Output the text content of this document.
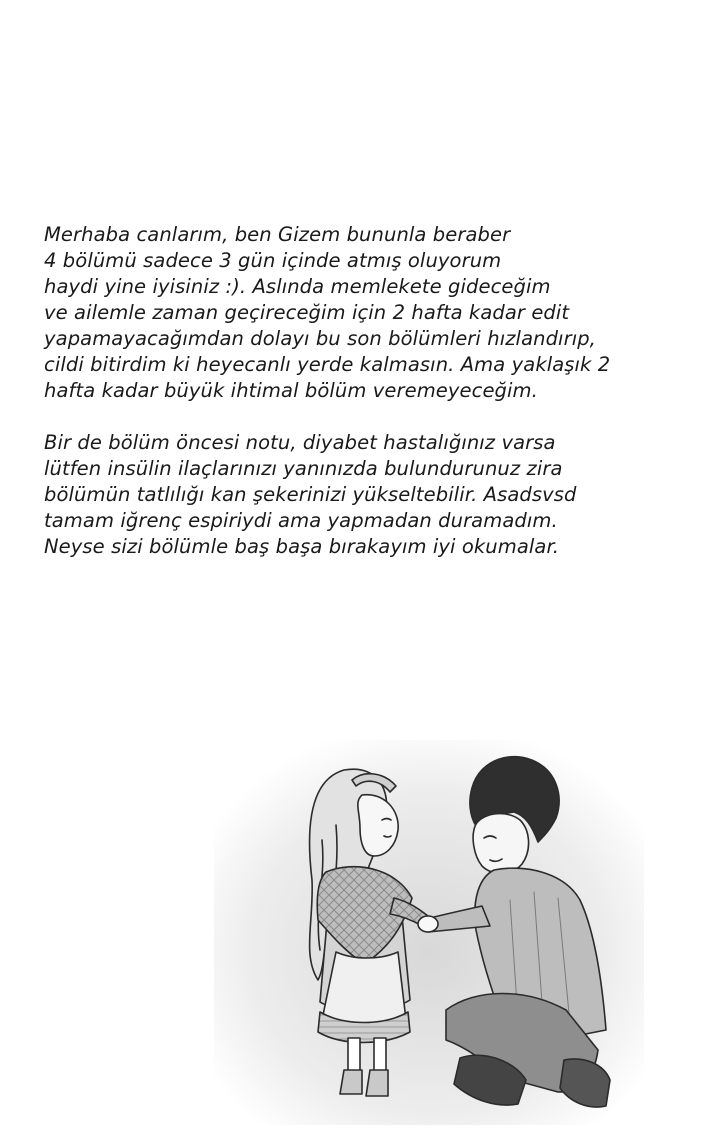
Merhaba canlarım, ben Gizem bununla beraber
4 bölümü sadece 3 gün içinde atmış oluyorum
haydi yine iyisiniz :). Aslında memlekete gideceğim
ve ailemle zaman geçireceğim için 2 hafta kadar edit
yapamayacağımdan dolayı bu son bölümleri hızlandırıp,
cildi bitirdim ki heyecanlı yerde kalmasın. Ama yaklaşık 2
hafta kadar büyük ihtimal bölüm veremeyeceğim.
Bir de bölüm öncesi notu, diyabet hastalığınız varsa
lütfen insülin ilaçlarınızı yanınızda bulundurunuz zira
bölümün tatlılığı kan şekerinizi yükseltebilir. Asadsvsd
tamam iğrenç espiriydi ama yapmadan duramadım.
Neyse sizi bölümle baş başa bırakayım iyi okumalar.
